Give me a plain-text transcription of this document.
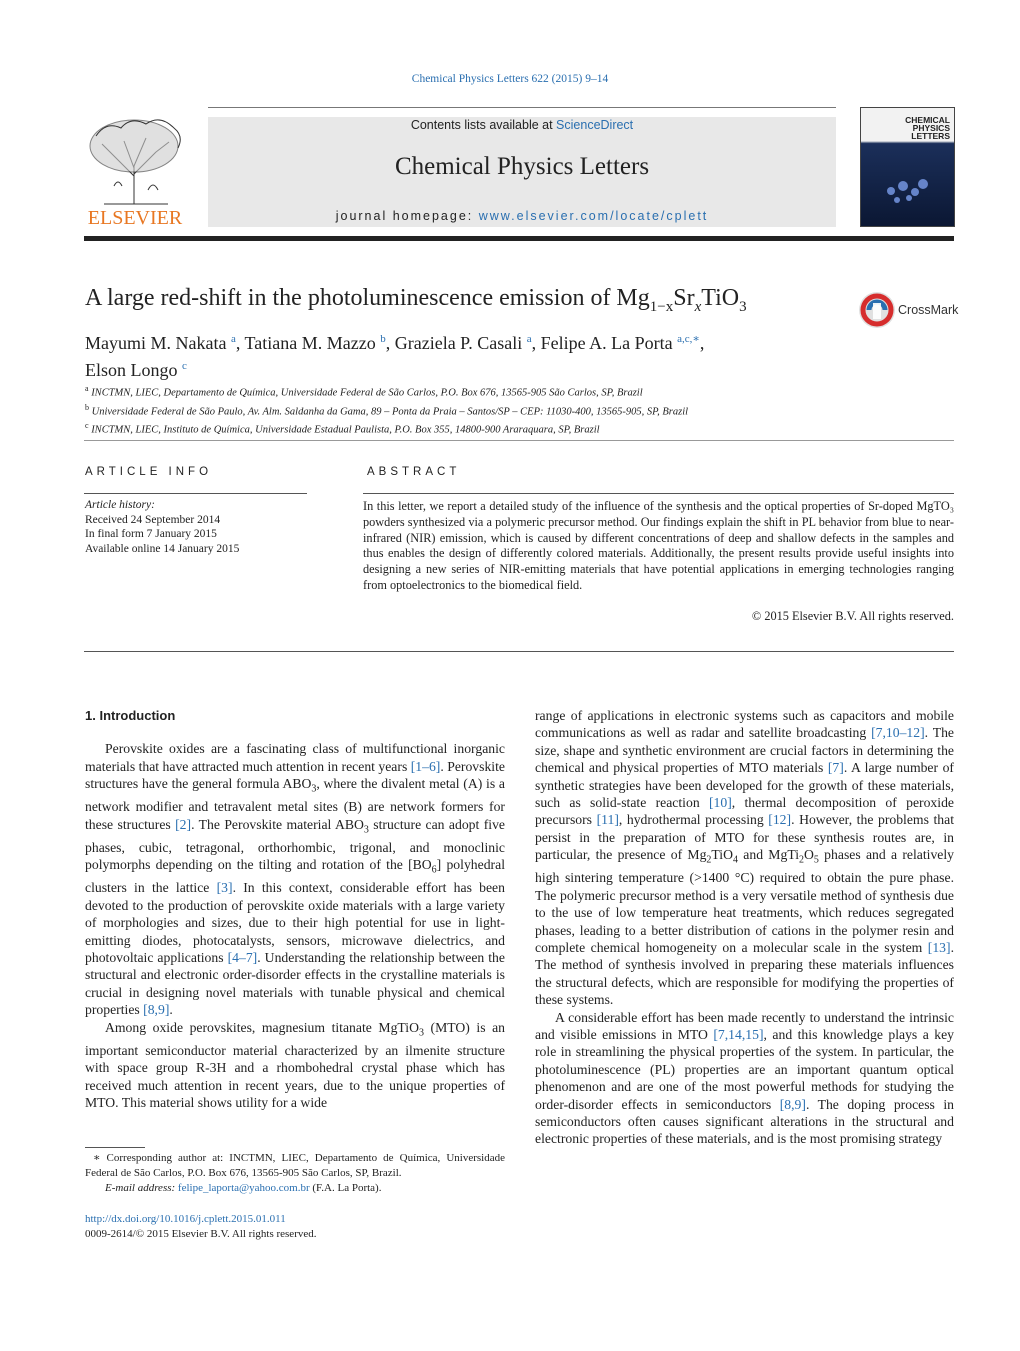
Chemical Physics Letters 622 (2015) 9–14
ELSEVIER
Contents lists available at ScienceDirect
Chemical Physics Letters
journal homepage: www.elsevier.com/locate/cplett
CHEMICAL PHYSICS LETTERS
A large red-shift in the photoluminescence emission of $Mg_{1-x}Sr_xTiO_3$	CrossMark
Mayumi M. Nakata $^a$, Tatiana M. Mazzo $^b$, Graziela P. Casali $^a$, Felipe A. La Porta $^{a,c,∗}$,
Elson Longo $^c$
$^a$ INCTMN, LIEC, Departamento de Química, Universidade Federal de São Carlos, P.O. Box 676, 13565-905 São Carlos, SP, Brazil
$^b$ Universidade Federal de São Paulo, Av. Alm. Saldanha da Gama, 89 – Ponta da Praia – Santos/SP – CEP: 11030-400, 13565-905, SP, Brazil
$^c$ INCTMN, LIEC, Instituto de Química, Universidade Estadual Paulista, P.O. Box 355, 14800-900 Araraquara, SP, Brazil
ARTICLE INFO	ABSTRACT
Article history:
Received 24 September 2014
In final form 7 January 2015
Available online 14 January 2015
In this letter, we report a detailed study of the influence of the synthesis and the optical properties of Sr-doped MgTO₃ powders synthesized via a polymeric precursor method. Our findings explain the shift in PL behavior from blue to near-infrared (NIR) emission, which is caused by different concentrations of deep and shallow defects in the samples and thus enables the design of differently colored materials. Additionally, the present results provide useful insights into designing a new series of NIR-emitting materials that have potential applications in emerging technologies ranging from optoelectronics to the biomedical field.
© 2015 Elsevier B.V. All rights reserved.

1. Introduction

Perovskite oxides are a fascinating class of multifunctional inorganic materials that have attracted much attention in recent years [1–6]. Perovskite structures have the general formula $ABO_3$, where the divalent metal (A) is a network modifier and tetravalent metal sites (B) are network formers for these structures [2]. The Perovskite material $ABO_3$ structure can adopt five phases, cubic, tetragonal, orthorhombic, trigonal, and monoclinic polymorphs depending on the tilting and rotation of the $[BO_6]$ polyhedral clusters in the lattice [3]. In this context, considerable effort has been devoted to the production of perovskite oxide materials with a large variety of morphologies and sizes, due to their high potential for use in light-emitting diodes, photocatalysts, sensors, microwave dielectrics, and photovoltaic applications [4–7]. Understanding the relationship between the structural and electronic order-disorder effects in the crystalline materials is crucial in designing novel materials with tunable physical and chemical properties [8,9].

Among oxide perovskites, magnesium titanate MgTiO$_3$ (MTO) is an important semiconductor material characterized by an ilmenite structure with space group R-3H and a rhombohedral crystal phase which has received much attention in recent years, due to the unique properties of MTO. This material shows utility for a wide

range of applications in electronic systems such as capacitors and mobile communications as well as radar and satellite broadcasting [7,10–12]. The size, shape and synthetic environment are crucial factors in determining the chemical and physical properties of MTO materials [7]. A large number of synthetic strategies have been developed for the growth of these materials, such as solid-state reaction [10], thermal decomposition of peroxide precursors [11], hydrothermal processing [12]. However, the problems that persist in the preparation of MTO for these synthesis routes are, in particular, the presence of $Mg_2TiO_4$ and $MgTi_2O_5$ phases and a relatively high sintering temperature (>1400 °C) required to obtain the pure phase. The polymeric precursor method is a very versatile method of synthesis due to the use of low temperature heat treatments, which reduces segregated phases, leading to a better distribution of cations in the polymer resin and complete chemical homogeneity on a molecular scale in the system [13]. The method of synthesis involved in preparing these materials influences the structural defects, which are responsible for modifying the properties of these systems.

A considerable effort has been made recently to understand the intrinsic and visible emissions in MTO [7,14,15], and this knowledge plays a key role in streamlining the physical properties of the system. In particular, the photoluminescence (PL) properties are an important quantum optical phenomenon and are one of the most powerful methods for studying the order-disorder effects in semiconductors [8,9]. The doping process in semiconductors often causes significant alterations in the structural and electronic properties of these materials, and is the most promising strategy

∗ Corresponding author at: INCTMN, LIEC, Departamento de Química, Universidade Federal de São Carlos, P.O. Box 676, 13565-905 São Carlos, SP, Brazil.
E-mail address: felipe_laporta@yahoo.com.br (F.A. La Porta).
http://dx.doi.org/10.1016/j.cplett.2015.01.011
0009-2614/© 2015 Elsevier B.V. All rights reserved.
